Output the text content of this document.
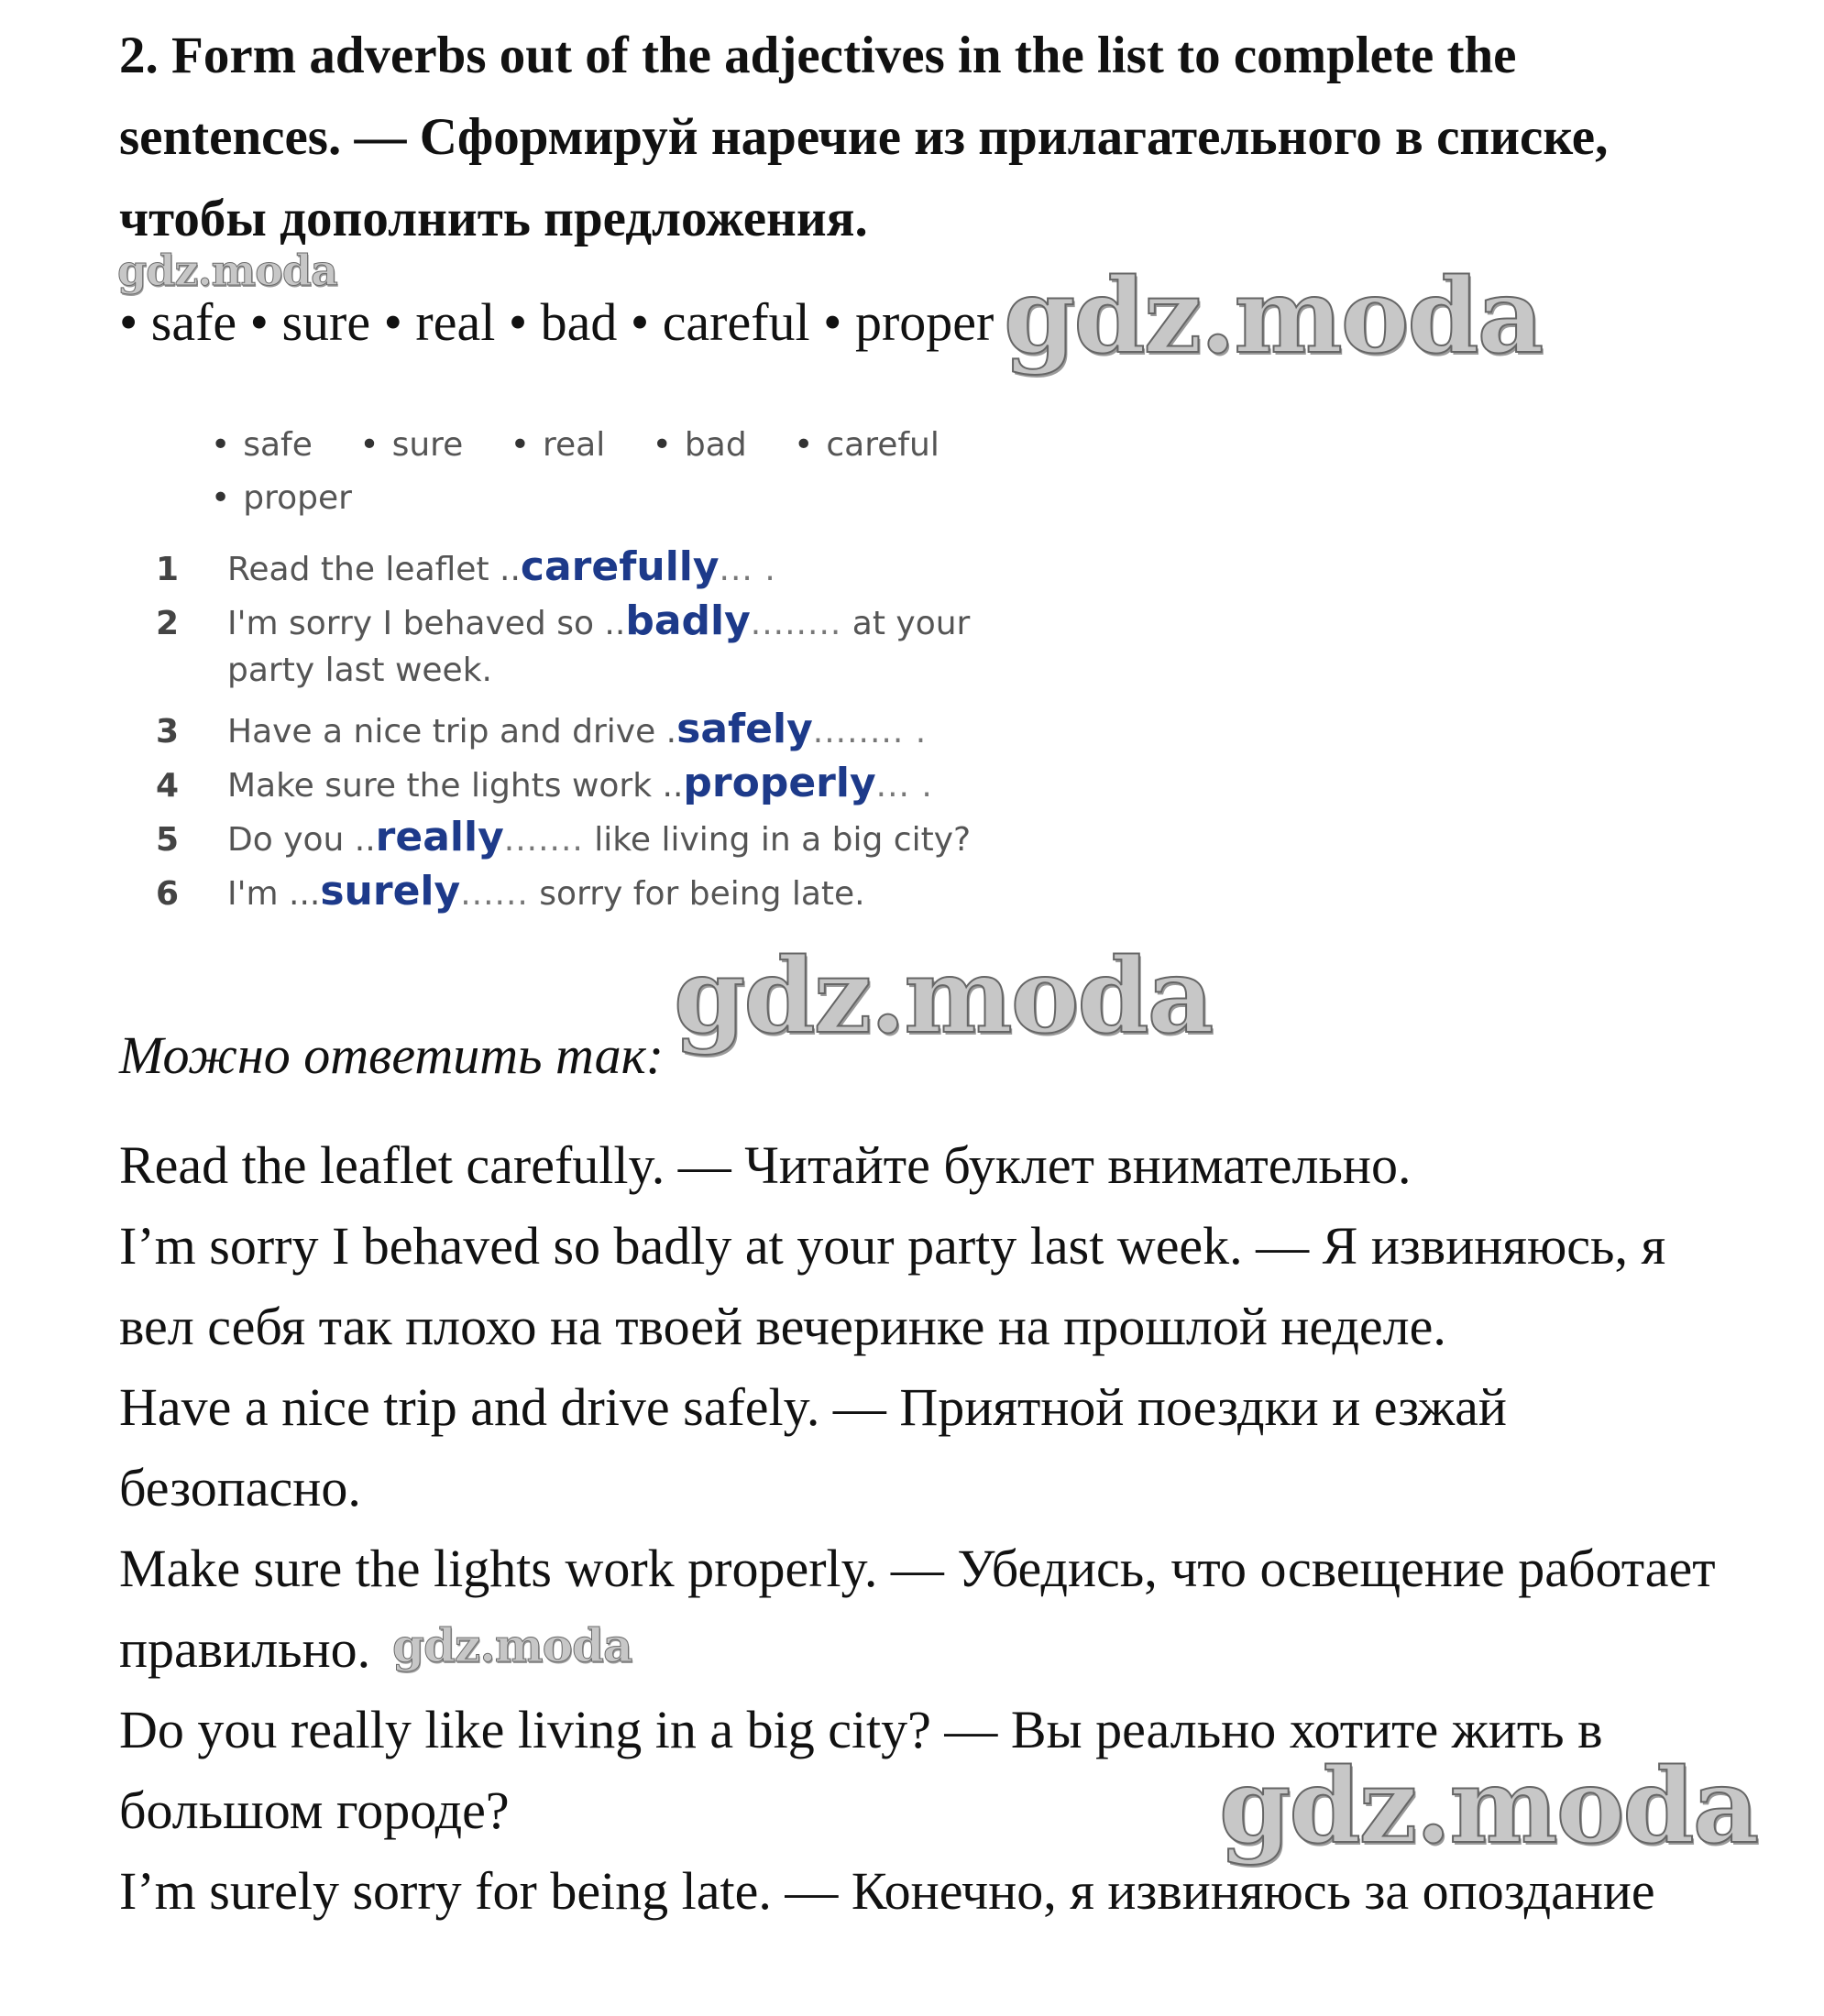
2. Form adverbs out of the adjectives in the list to complete the
sentences. — Сформируй наречие из прилагательного в списке,
чтобы дополнить предложения.
gdz.moda
• safe • sure • real • bad • careful • proper gdz.moda
• safe • sure • real • bad • careful
• proper
1 Read the leaflet ..carefully... .
2 I'm sorry I behaved so ..badly........ at your
party last week.
3 Have a nice trip and drive .safely........ .
4 Make sure the lights work ..properly... .
5 Do you ..really....... like living in a big city?
6 I'm ...surely...... sorry for being late.
gdz.moda
Можно ответить так:
Read the leaflet carefully. — Читайте буклет внимательно.
I’m sorry I behaved so badly at your party last week. — Я извиняюсь, я
вел себя так плохо на твоей вечеринке на прошлой неделе.
Have a nice trip and drive safely. — Приятной поездки и езжай
безопасно.
Make sure the lights work properly. — Убедись, что освещение работает
правильно. gdz.moda
Do you really like living in a big city? — Вы реально хотите жить в
большом городе?	gdz.moda
I’m surely sorry for being late. — Конечно, я извиняюсь за опоздание
